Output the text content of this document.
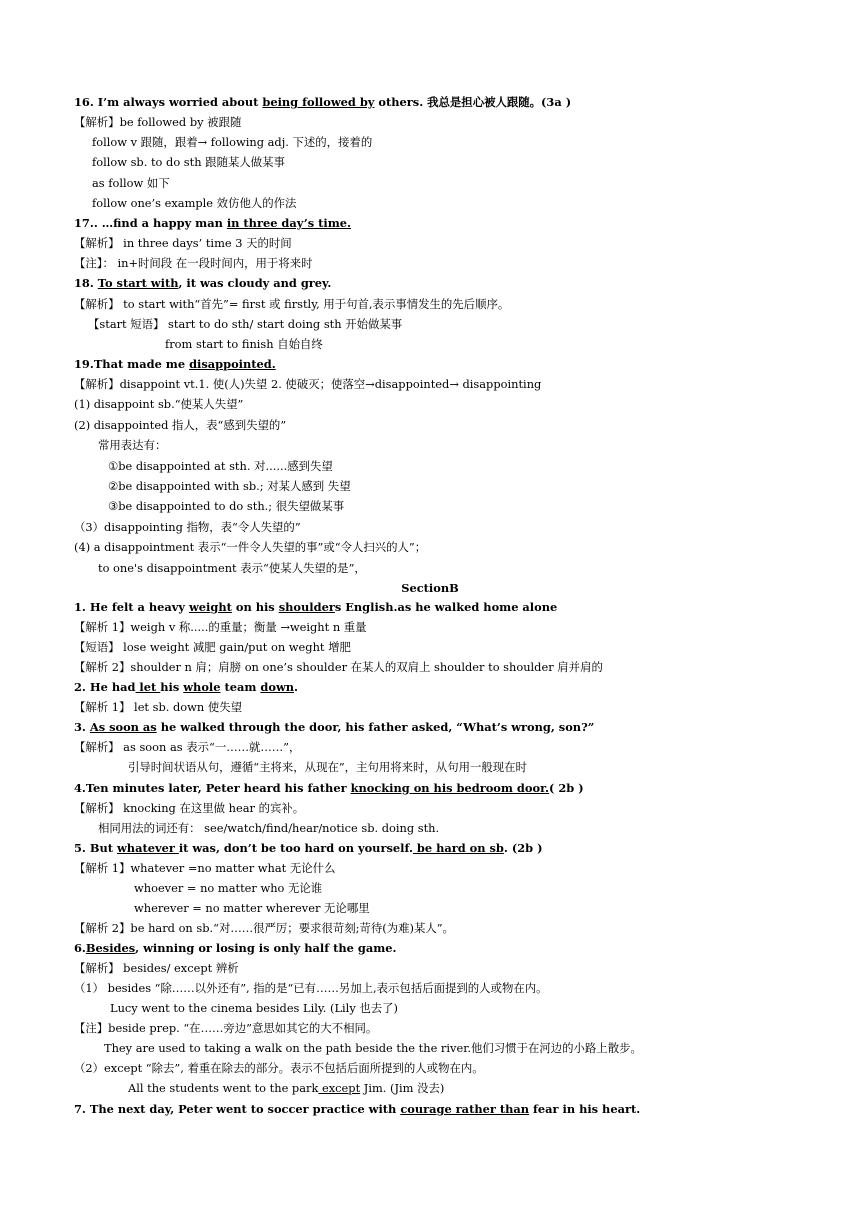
16. I’m always worried about being followed by others. 我总是担心被人跟随。(3a )
【解析】be followed by 被跟随
follow v 跟随，跟着→ following adj. 下述的，接着的
follow sb. to do sth 跟随某人做某事
as follow 如下
follow one’s example 效仿他人的作法
17.. …find a happy man in three day’s time.
【解析】 in three days’ time 3 天的时间
【注】： in+时间段 在一段时间内，用于将来时
18. To start with, it was cloudy and grey.
【解析】 to start with“首先”= first 或 firstly, 用于句首,表示事情发生的先后顺序。
【start 短语】 start to do sth/ start doing sth 开始做某事
from start to finish 自始自终
19.That made me disappointed.
【解析】disappoint vt.1. 使(人)失望 2. 使破灭；使落空→disappointed→ disappointing
(1) disappoint sb.“使某人失望”
(2) disappointed 指人，表“感到失望的”
常用表达有：
①be disappointed at sth. 对......感到失望
②be disappointed with sb.; 对某人感到 失望
③be disappointed to do sth.; 很失望做某事
（3）disappointing 指物，表“令人失望的”
(4) a disappointment 表示“一件令人失望的事”或“令人扫兴的人”；
to one's disappointment 表示“使某人失望的是”，
SectionB
1. He felt a heavy weight on his shoulders English.as he walked home alone
【解析 1】weigh v 称.....的重量；衡量 →weight n 重量
【短语】 lose weight 减肥 gain/put on weght 增肥
【解析 2】shoulder n 肩；肩膀 on one’s shoulder 在某人的双肩上 shoulder to shoulder 肩并肩的
2. He had let his whole team down.
【解析 1】 let sb. down 使失望
3. As soon as he walked through the door, his father asked, “What’s wrong, son?”
【解析】 as soon as 表示“一……就……”，
引导时间状语从句，遵循“主将来，从现在”，主句用将来时，从句用一般现在时
4.Ten minutes later, Peter heard his father knocking on his bedroom door.( 2b )
【解析】 knocking 在这里做 hear 的宾补。
相同用法的词还有： see/watch/find/hear/notice sb. doing sth.
5. But whatever it was, don’t be too hard on yourself. be hard on sb. (2b )
【解析 1】whatever =no matter what 无论什么
whoever = no matter who 无论谁
wherever = no matter wherever 无论哪里
【解析 2】be hard on sb.“对……很严厉；要求很苛刻;苛待(为难)某人”。
6.Besides, winning or losing is only half the game.
【解析】 besides/ except 辨析
（1） besides “除……以外还有”, 指的是“已有……另加上,表示包括后面提到的人或物在内。
Lucy went to the cinema besides Lily. (Lily 也去了)
【注】beside prep. “在……旁边”意思如其它的大不相同。
They are used to taking a walk on the path beside the the river.他们习惯于在河边的小路上散步。
（2）except “除去”, 着重在除去的部分。表示不包括后面所提到的人或物在内。
All the students went to the park except Jim. (Jim 没去)
7. The next day, Peter went to soccer practice with courage rather than fear in his heart.
